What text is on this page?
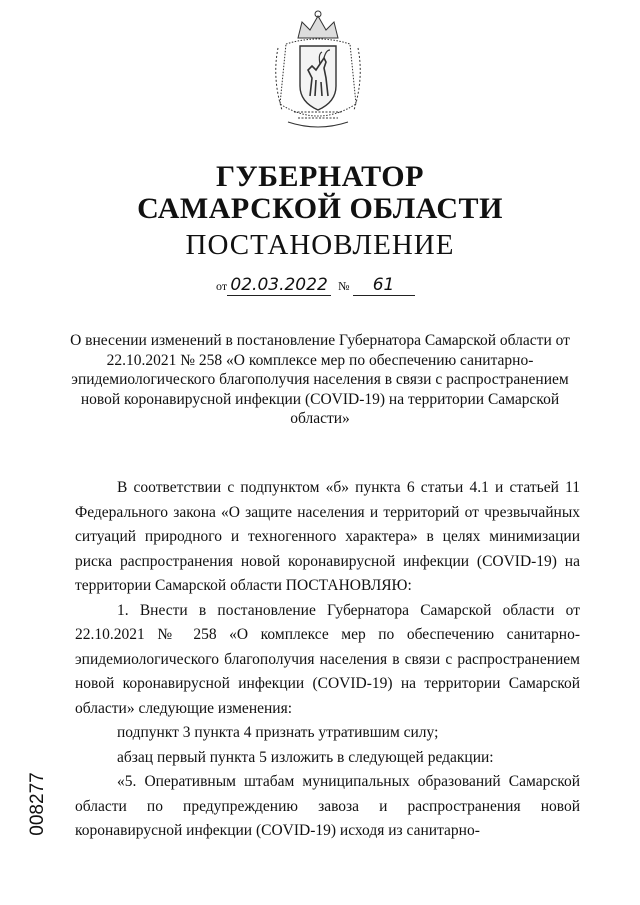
ГУБЕРНАТОР
САМАРСКОЙ ОБЛАСТИ
ПОСТАНОВЛЕНИЕ
от 02.03.2022 № 61
О внесении изменений в постановление Губернатора Самарской области от 22.10.2021 № 258 «О комплексе мер по обеспечению санитарно-эпидемиологического благополучия населения в связи с распространением новой коронавирусной инфекции (COVID-19) на территории Самарской области»

В соответствии с подпунктом «б» пункта 6 статьи 4.1 и статьей 11 Федерального закона «О защите населения и территорий от чрезвычайных ситуаций природного и техногенного характера» в целях минимизации риска распространения новой коронавирусной инфекции (COVID-19) на территории Самарской области ПОСТАНОВЛЯЮ:

1. Внести в постановление Губернатора Самарской области от 22.10.2021 № 258 «О комплексе мер по обеспечению санитарно-эпидемиологического благополучия населения в связи с распространением новой коронавирусной инфекции (COVID-19) на территории Самарской области» следующие изменения:

подпункт 3 пункта 4 признать утратившим силу;

абзац первый пункта 5 изложить в следующей редакции:

«5. Оперативным штабам муниципальных образований Самарской области по предупреждению завоза и распространения новой коронавирусной инфекции (COVID-19) исходя из санитарно-

008277
